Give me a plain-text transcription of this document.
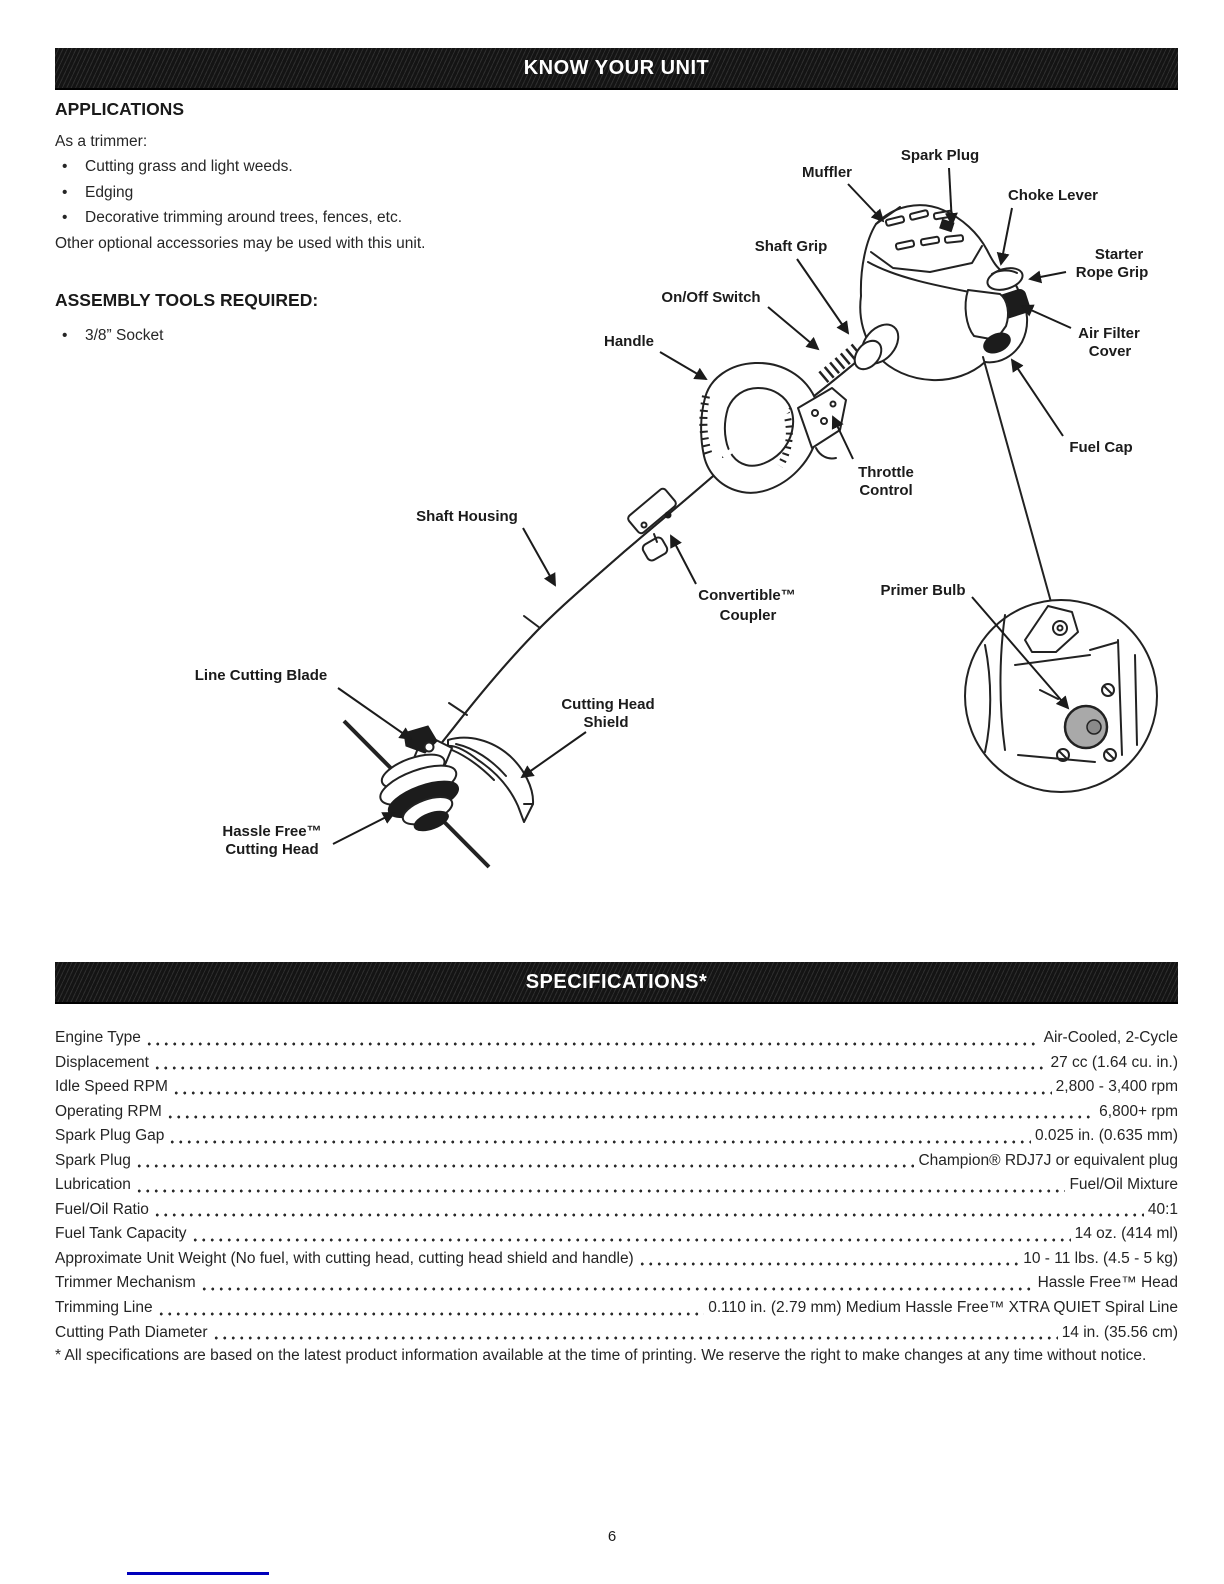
KNOW YOUR UNIT
APPLICATIONS
As a trimmer:
• Cutting grass and light weeds.
• Edging
• Decorative trimming around trees, fences, etc.
Other optional accessories may be used with this unit.
ASSEMBLY TOOLS REQUIRED:
• 3/8” Socket
Muffler
Spark Plug
Choke Lever
Shaft Grip	Starter
Rope Grip
On/Off Switch
Handle	Air Filter
Cover
Fuel Cap
Throttle
Control
Shaft Housing
Convertible™
Coupler
Primer Bulb
Line Cutting Blade
Cutting Head
Shield
Hassle Free™
Cutting Head
SPECIFICATIONS*
Engine Type	Air-Cooled, 2-Cycle
Displacement	27 cc (1.64 cu. in.)
Idle Speed RPM	2,800 - 3,400 rpm
Operating RPM	6,800+ rpm
Spark Plug Gap	0.025 in. (0.635 mm)
Spark Plug	Champion® RDJ7J or equivalent plug
Lubrication	Fuel/Oil Mixture
Fuel/Oil Ratio	40:1
Fuel Tank Capacity	14 oz. (414 ml)
Approximate Unit Weight (No fuel, with cutting head, cutting head shield and handle)	10 - 11 lbs. (4.5 - 5 kg)
Trimmer Mechanism	Hassle Free™ Head
Trimming Line	0.110 in. (2.79 mm) Medium Hassle Free™ XTRA QUIET Spiral Line
Cutting Path Diameter	14 in. (35.56 cm)
* All specifications are based on the latest product information available at the time of printing. We reserve the right to make changes at any time without notice.
6
